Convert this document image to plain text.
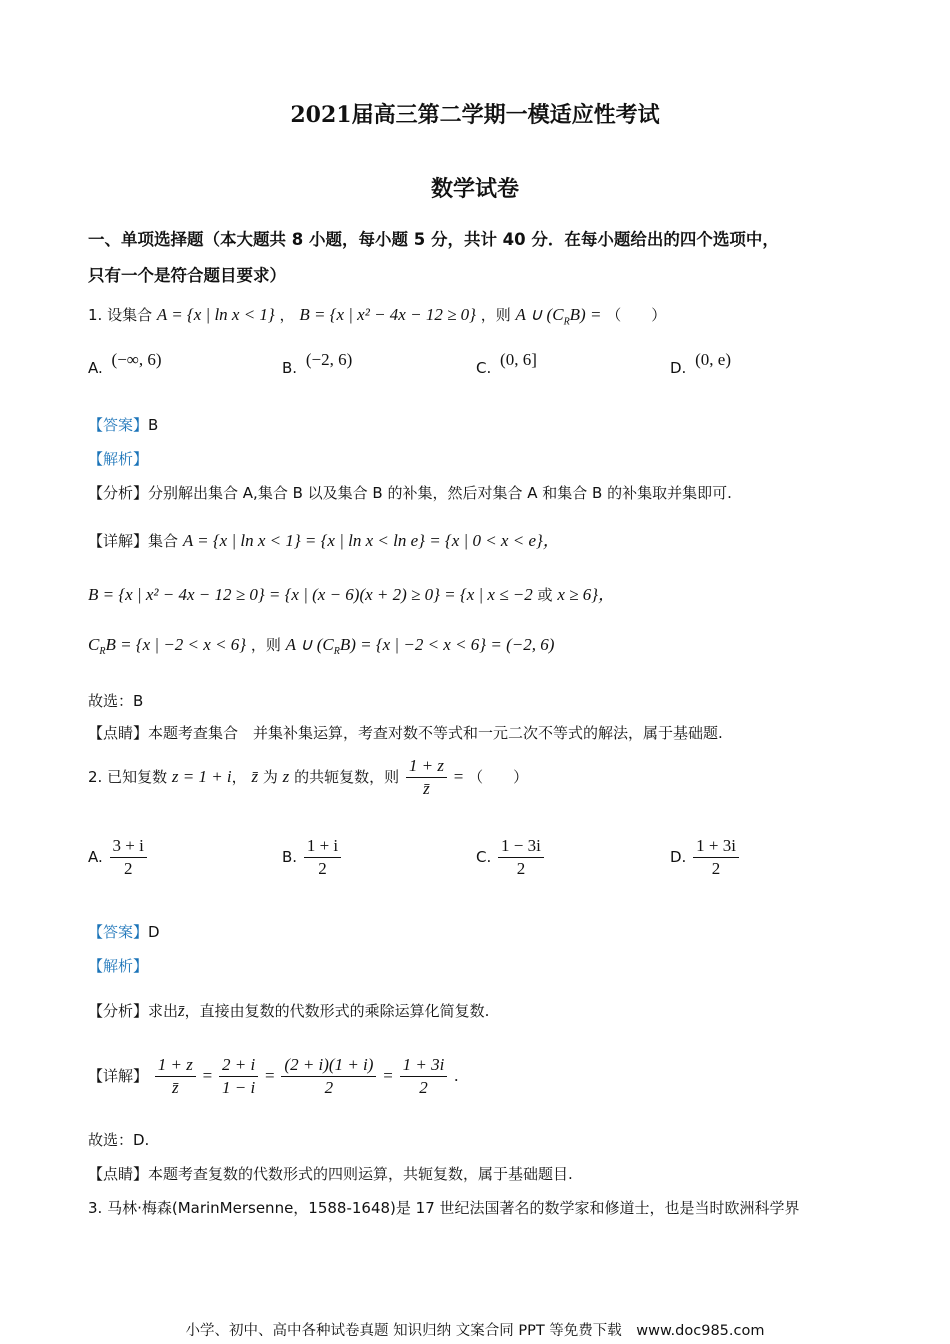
2021届高三第二学期一模适应性考试
数学试卷
一、单项选择题（本大题共 8 小题，每小题 5 分，共计 40 分．在每小题给出的四个选项中，
只有一个是符合题目要求）
1. 设集合 A = {x | ln x < 1} ， B = {x | x² − 4x − 12 ≥ 0} ，则 A ∪ $(C_RB)$ = （　　）
A. (−∞, 6)	B. (−2, 6)	C. (0, 6]	D. (0, e)
【答案】B
【解析】
【分析】分别解出集合 A,集合 B 以及集合 B 的补集，然后对集合 A 和集合 B 的补集取并集即可.
【详解】集合 A = {x | ln x < 1} = {x | ln x < ln e} = {x | 0 < x < e}，
B = {x | x² − 4x − 12 ≥ 0} = {x | (x − 6)(x + 2) ≥ 0} = {x | x ≤ −2 或 x ≥ 6}，
$C_RB = \{x$ | −2 < x < 6} ，则 A ∪ $(C_RB) = \{x$ | −2 < x < 6} = (−2, 6)
故选：B
【点睛】本题考查集合　并集补集运算，考查对数不等式和一元二次不等式的解法，属于基础题.
2. 已知复数 z = 1 + i， z̄ 为 z 的共轭复数，则 $\frac{1 + z}{z̄}$ = （　　）
A. $\frac{3 + i}{2}$	B. $\frac{1 + i}{2}$	C. $\frac{1 - 3i}{2}$	D. $\frac{1 + 3i}{2}$
【答案】D
【解析】
【分析】求出z̄，直接由复数的代数形式的乘除运算化简复数.
【详解】 $\frac{1 + z}{z̄} = \frac{2 + i}{1 - i} = \frac{(2 + i)(1 + i)}{2} = \frac{1 + 3i}{2}$ .
故选：D.
【点睛】本题考查复数的代数形式的四则运算，共轭复数，属于基础题目.
3. 马林·梅森(MarinMersenne，1588-1648)是 17 世纪法国著名的数学家和修道士，也是当时欧洲科学界
小学、初中、高中各种试卷真题 知识归纳 文案合同 PPT 等免费下载　www.doc985.com
